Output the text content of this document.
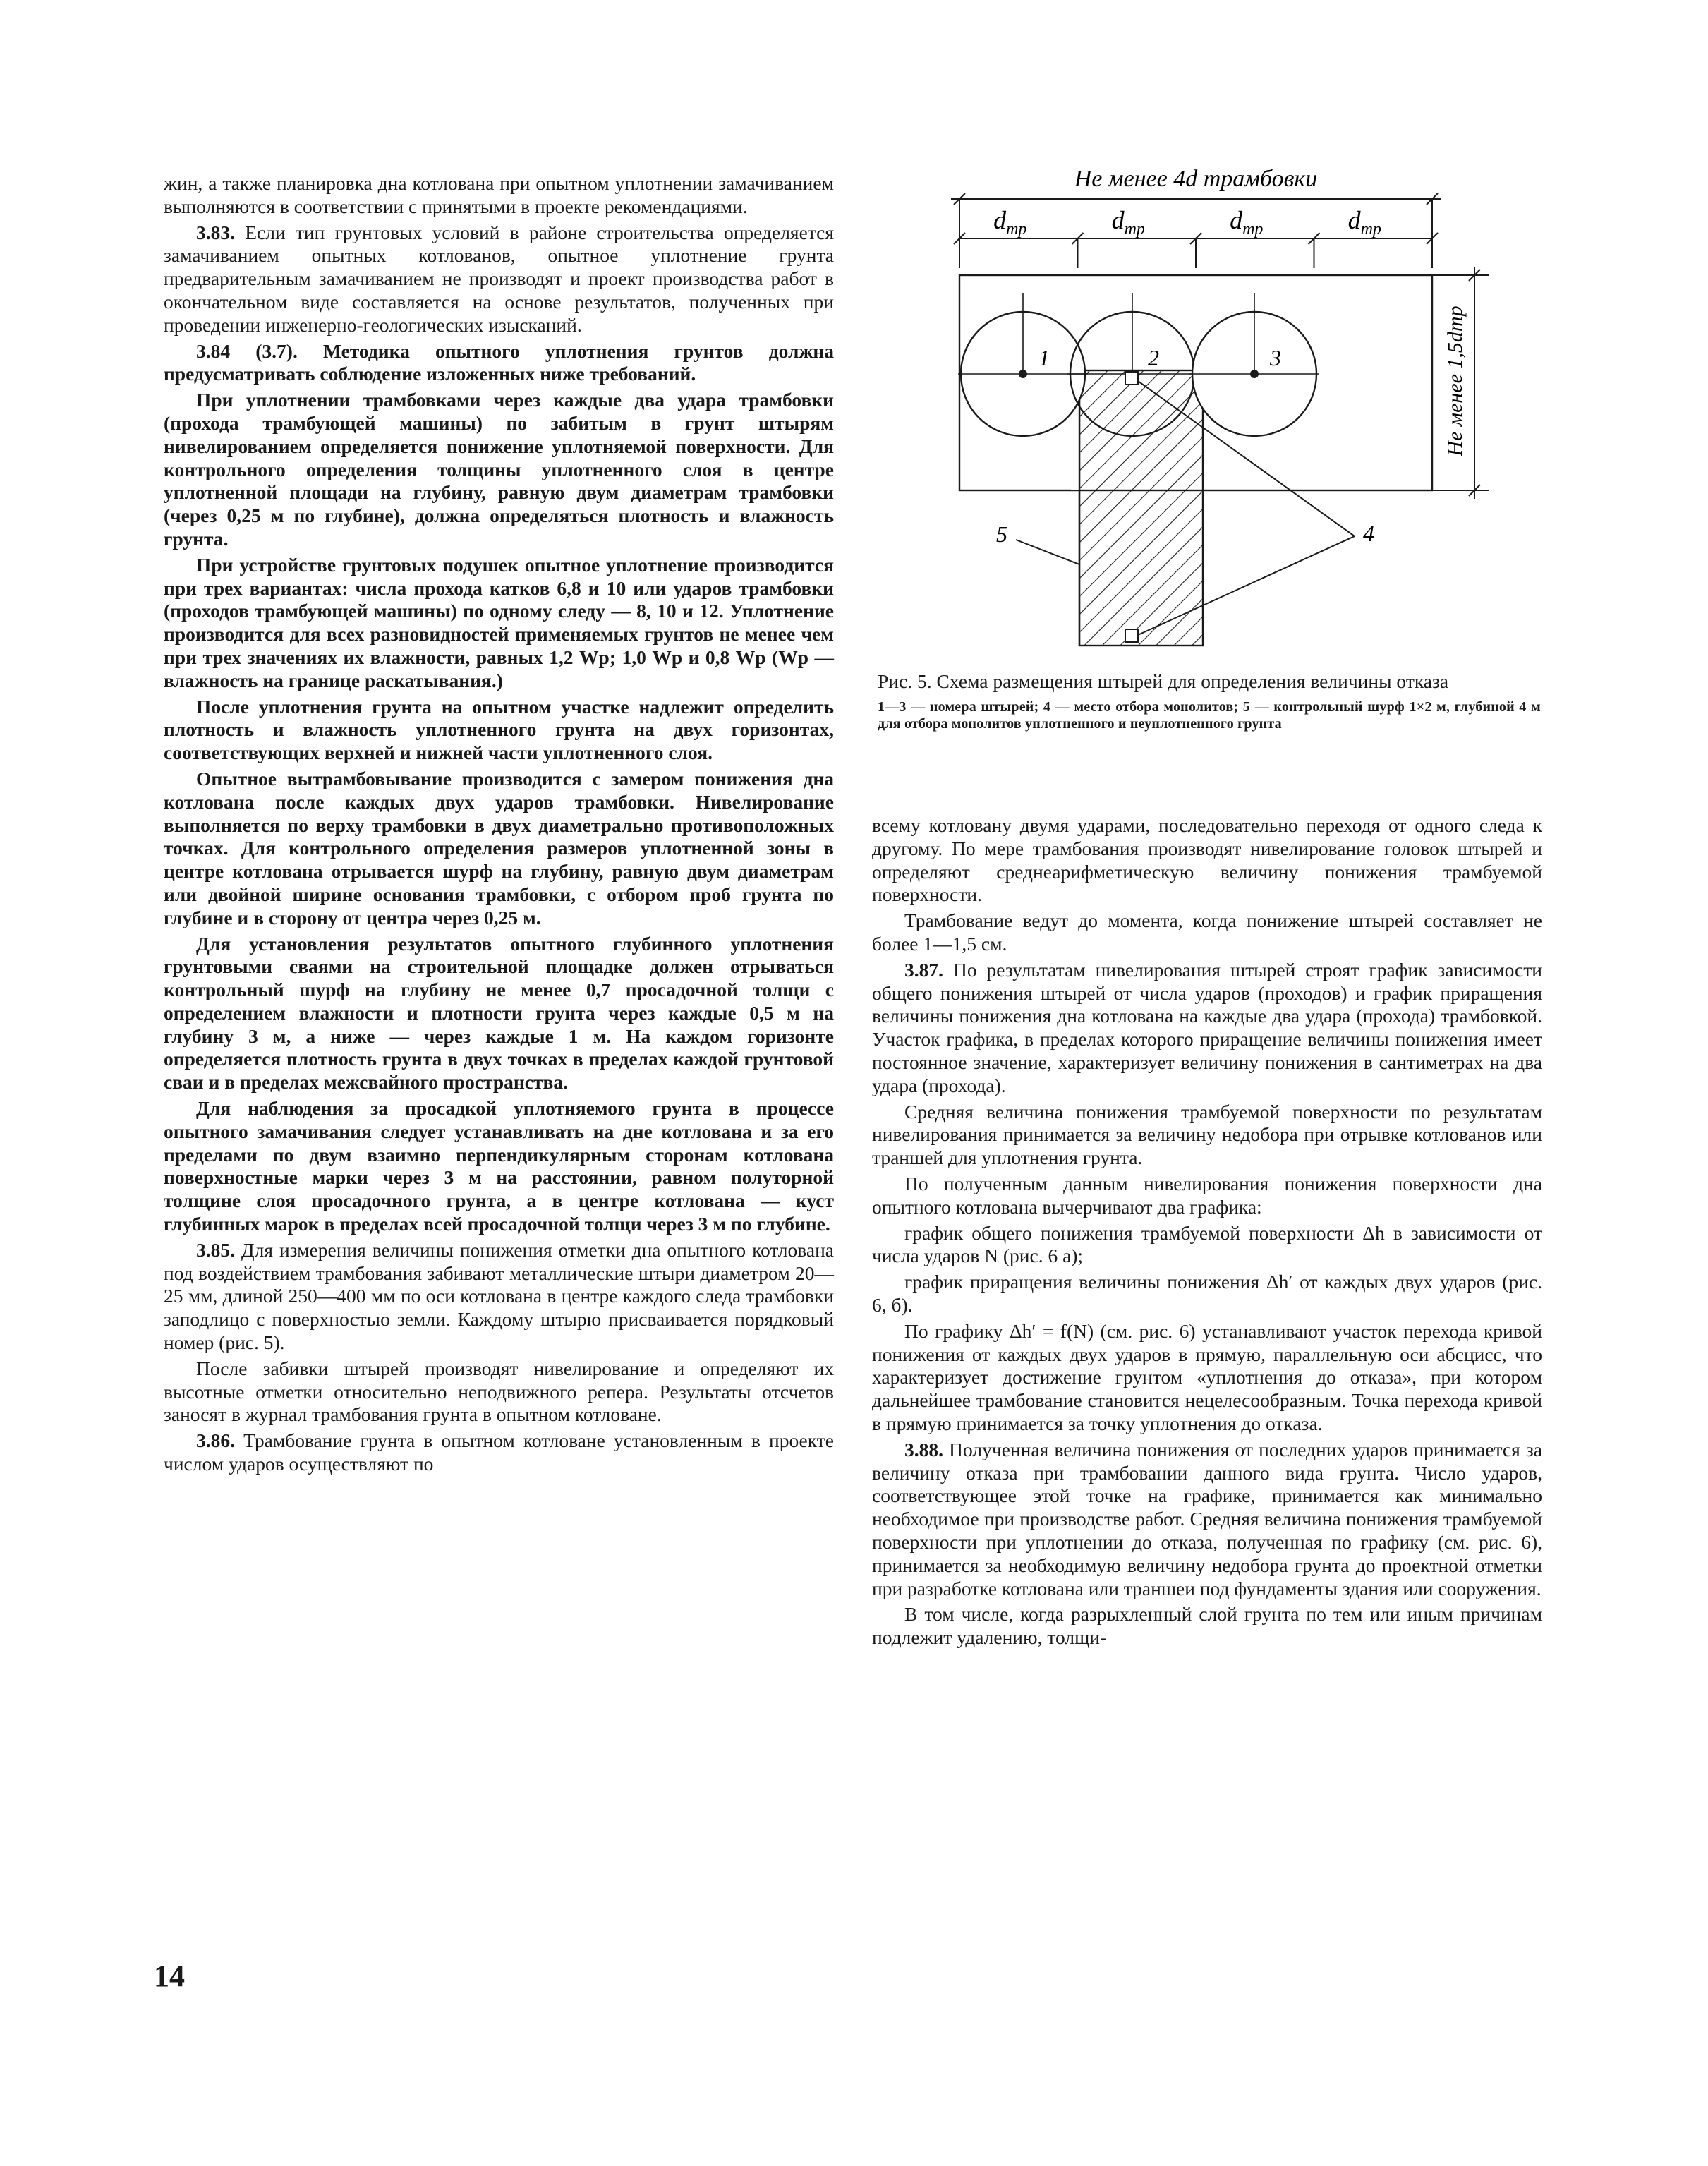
жин, а также планировка дна котлована при опытном уплотнении замачиванием выполняются в соответствии с принятыми в проекте рекомендациями.

3.83. Если тип грунтовых условий в районе строительства определяется замачиванием опытных котлованов, опытное уплотнение грунта предварительным замачиванием не производят и проект производства работ в окончательном виде составляется на основе результатов, полученных при проведении инженерно-геологических изысканий.

3.84 (3.7). Методика опытного уплотнения грунтов должна предусматривать соблюдение изложенных ниже требований.

При уплотнении трамбовками через каждые два удара трамбовки (прохода трамбующей машины) по забитым в грунт штырям нивелированием определяется понижение уплотняемой поверхности. Для контрольного определения толщины уплотненного слоя в центре уплотненной площади на глубину, равную двум диаметрам трамбовки (через 0,25 м по глубине), должна определяться плотность и влажность грунта.

При устройстве грунтовых подушек опытное уплотнение производится при трех вариантах: числа прохода катков 6,8 и 10 или ударов трамбовки (проходов трамбующей машины) по одному следу — 8, 10 и 12. Уплотнение производится для всех разновидностей применяемых грунтов не менее чем при трех значениях их влажности, равных 1,2 Wр; 1,0 Wр и 0,8 Wр (Wр — влажность на границе раскатывания.)

После уплотнения грунта на опытном участке надлежит определить плотность и влажность уплотненного грунта на двух горизонтах, соответствующих верхней и нижней части уплотненного слоя.

Опытное вытрамбовывание производится с замером понижения дна котлована после каждых двух ударов трамбовки. Нивелирование выполняется по верху трамбовки в двух диаметрально противоположных точках. Для контрольного определения размеров уплотненной зоны в центре котлована отрывается шурф на глубину, равную двум диаметрам или двойной ширине основания трамбовки, с отбором проб грунта по глубине и в сторону от центра через 0,25 м.

Для установления результатов опытного глубинного уплотнения грунтовыми сваями на строительной площадке должен отрываться контрольный шурф на глубину не менее 0,7 просадочной толщи с определением влажности и плотности грунта через каждые 0,5 м на глубину 3 м, а ниже — через каждые 1 м. На каждом горизонте определяется плотность грунта в двух точках в пределах каждой грунтовой сваи и в пределах межсвайного пространства.

Для наблюдения за просадкой уплотняемого грунта в процессе опытного замачивания следует устанавливать на дне котлована и за его пределами по двум взаимно перпендикулярным сторонам котлована поверхностные марки через 3 м на расстоянии, равном полуторной толщине слоя просадочного грунта, а в центре котлована — куст глубинных марок в пределах всей просадочной толщи через 3 м по глубине.

3.85. Для измерения величины понижения отметки дна опытного котлована под воздействием трамбования забивают металлические штыри диаметром 20—25 мм, длиной 250—400 мм по оси котлована в центре каждого следа трамбовки заподлицо с поверхностью земли. Каждому штырю присваивается порядковый номер (рис. 5).

После забивки штырей производят нивелирование и определяют их высотные отметки относительно неподвижного репера. Результаты отсчетов заносят в журнал трамбования грунта в опытном котловане.

3.86. Трамбование грунта в опытном котловане установленным в проекте числом ударов осуществляют по

всему котловану двумя ударами, последовательно переходя от одного следа к другому. По мере трамбования производят нивелирование головок штырей и определяют среднеарифметическую величину понижения трамбуемой поверхности.

Трамбование ведут до момента, когда понижение штырей составляет не более 1—1,5 см.

3.87. По результатам нивелирования штырей строят график зависимости общего понижения штырей от числа ударов (проходов) и график приращения величины понижения дна котлована на каждые два удара (прохода) трамбовкой. Участок графика, в пределах которого приращение величины понижения имеет постоянное значение, характеризует величину понижения в сантиметрах на два удара (прохода).

Средняя величина понижения трамбуемой поверхности по результатам нивелирования принимается за величину недобора при отрывке котлованов или траншей для уплотнения грунта.

По полученным данным нивелирования понижения поверхности дна опытного котлована вычерчивают два графика:

график общего понижения трамбуемой поверхности Δh в зависимости от числа ударов N (рис. 6 а);

график приращения величины понижения Δh′ от каждых двух ударов (рис. 6, б).

По графику Δh′ = f(N) (см. рис. 6) устанавливают участок перехода кривой понижения от каждых двух ударов в прямую, параллельную оси абсцисс, что характеризует достижение грунтом «уплотнения до отказа», при котором дальнейшее трамбование становится нецелесообразным. Точка перехода кривой в прямую принимается за точку уплотнения до отказа.

3.88. Полученная величина понижения от последних ударов принимается за величину отказа при трамбовании данного вида грунта. Число ударов, соответствующее этой точке на графике, принимается как минимально необходимое при производстве работ. Средняя величина понижения трамбуемой поверхности при уплотнении до отказа, полученная по графику (см. рис. 6), принимается за необходимую величину недобора грунта до проектной отметки при разработке котлована или траншеи под фундаменты здания или сооружения.

В том числе, когда разрыхленный слой грунта по тем или иным причинам подлежит удалению, толщи-

Не менее 4d трамбовки
$d_{тр}$	$d_{тр}$	$d_{тр}$	$d_{тр}$
Не менее 1,5dтр
1	2	3
4
5

Рис. 5. Схема размещения штырей для определения величины отказа

1—3 — номера штырей; 4 — место отбора монолитов; 5 — контрольный шурф 1×2 м, глубиной 4 м для отбора монолитов уплотненного и неуплотненного грунта

14
